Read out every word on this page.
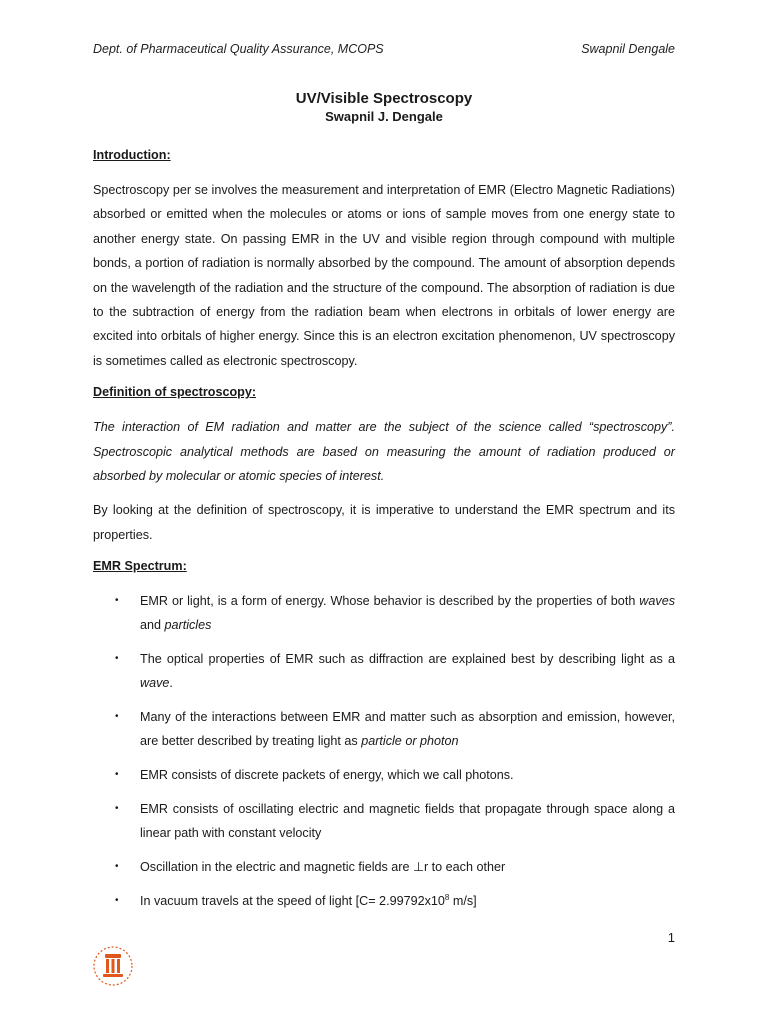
Dept. of Pharmaceutical Quality Assurance, MCOPS	Swapnil Dengale
UV/Visible Spectroscopy
Swapnil J. Dengale
Introduction:

Spectroscopy per se involves the measurement and interpretation of EMR (Electro Magnetic Radiations) absorbed or emitted when the molecules or atoms or ions of sample moves from one energy state to another energy state. On passing EMR in the UV and visible region through compound with multiple bonds, a portion of radiation is normally absorbed by the compound. The amount of absorption depends on the wavelength of the radiation and the structure of the compound. The absorption of radiation is due to the subtraction of energy from the radiation beam when electrons in orbitals of lower energy are excited into orbitals of higher energy. Since this is an electron excitation phenomenon, UV spectroscopy is sometimes called as electronic spectroscopy.

Definition of spectroscopy:

The interaction of EM radiation and matter are the subject of the science called “spectroscopy”. Spectroscopic analytical methods are based on measuring the amount of radiation produced or absorbed by molecular or atomic species of interest.

By looking at the definition of spectroscopy, it is imperative to understand the EMR spectrum and its properties.

EMR Spectrum:
• EMR or light, is a form of energy. Whose behavior is described by the properties of both waves and particles
• The optical properties of EMR such as diffraction are explained best by describing light as a wave.
• Many of the interactions between EMR and matter such as absorption and emission, however, are better described by treating light as particle or photon
• EMR consists of discrete packets of energy, which we call photons.
• EMR consists of oscillating electric and magnetic fields that propagate through space along a linear path with constant velocity
• Oscillation in the electric and magnetic fields are ⊥r to each other
• In vacuum travels at the speed of light [$C= 2.99792x10^8$ m/s]
1
